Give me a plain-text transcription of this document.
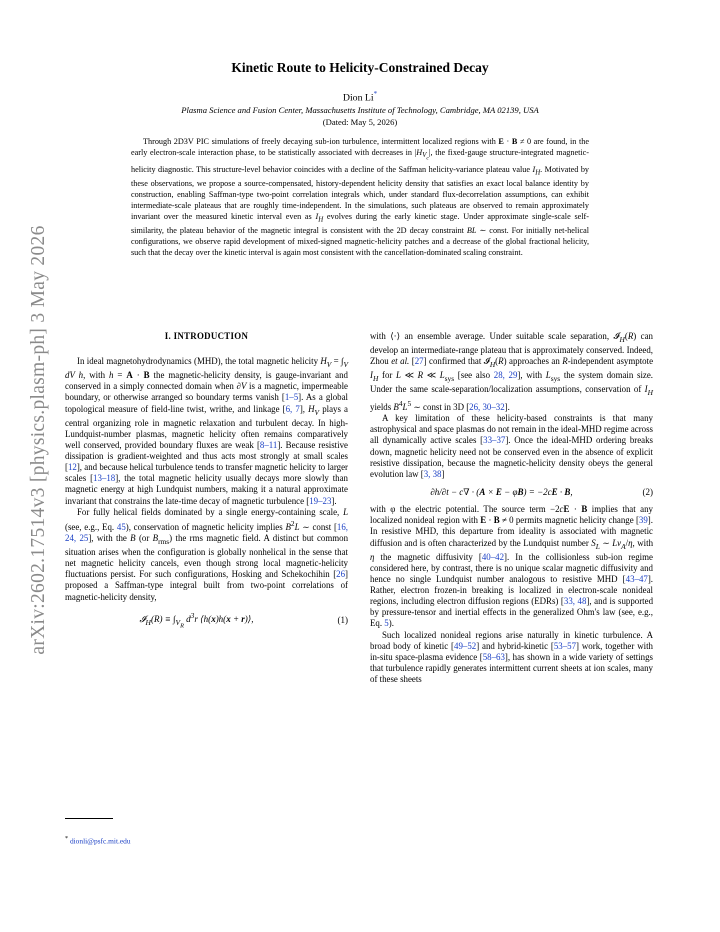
arXiv:2602.17514v3 [physics.plasm-ph] 3 May 2026
Kinetic Route to Helicity-Constrained Decay
Dion Li*
Plasma Science and Fusion Center, Massachusetts Institute of Technology, Cambridge, MA 02139, USA
(Dated: May 5, 2026)

Through 2D3V PIC simulations of freely decaying sub-ion turbulence, intermittent localized regions with E · B ≠ 0 are found, in the early electron-scale interaction phase, to be statistically associated with decreases in $|H_{V_c}|$, the fixed-gauge structure-integrated magnetic-helicity diagnostic. This structure-level behavior coincides with a decline of the Saffman helicity-variance plateau value $I_H$. Motivated by these observations, we propose a source-compensated, history-dependent helicity density that satisfies an exact local balance identity by construction, enabling Saffman-type two-point correlation integrals which, under standard flux-decorrelation assumptions, can exhibit intermediate-scale plateaus that are roughly time-independent. In the simulations, such plateaus are observed to remain approximately invariant over the measured kinetic interval even as $I_H$ evolves during the early kinetic stage. Under approximate single-scale self-similarity, the plateau behavior of the magnetic integral is consistent with the 2D decay constraint BL ∼ const. For initially net-helical configurations, we observe rapid development of mixed-signed magnetic-helicity patches and a decrease of the global fractional helicity, such that the decay over the kinetic interval is again most consistent with the cancellation-dominated scaling constraint.

I. INTRODUCTION

In ideal magnetohydrodynamics (MHD), the total magnetic helicity $H_V = \int_V$ dV h, with h = A · B the magnetic-helicity density, is gauge-invariant and conserved in a simply connected domain when ∂V is a magnetic, impermeable boundary, or otherwise arranged so boundary terms vanish [1–5]. As a global topological measure of field-line twist, writhe, and linkage [6, 7], $H_V$ plays a central organizing role in magnetic relaxation and turbulent decay. In high-Lundquist-number plasmas, magnetic helicity often remains comparatively well conserved, provided boundary fluxes are weak [8–11]. Because resistive dissipation is gradient-weighted and thus acts most strongly at small scales [12], and because helical turbulence tends to transfer magnetic helicity to larger scales [13–18], the total magnetic helicity usually decays more slowly than magnetic energy at high Lundquist numbers, making it a natural approximate invariant that constrains the late-time decay of magnetic turbulence [19–23].

For fully helical fields dominated by a single energy-containing scale, L (see, e.g., Eq. 45), conservation of magnetic helicity implies $B^2L$ ∼ const [16, 24, 25], with the B (or $B_{rms}$) the rms magnetic field. A distinct but common situation arises when the configuration is globally nonhelical in the sense that net magnetic helicity cancels, even though strong local magnetic-helicity fluctuations persist. For such configurations, Hosking and Schekochihin [26] proposed a Saffman-type integral built from two-point correlations of magnetic-helicity density,

𝓘$_H$(R) ≡ $\int_{V_R}$ $d^3r$ ⟨h(x)h(x + r)⟩,	(1)

with ⟨·⟩ an ensemble average. Under suitable scale separation, 𝓘$_H$(R) can develop an intermediate-range plateau that is approximately conserved. Indeed, Zhou et al. [27] confirmed that 𝓘$_H$(R) approaches an R-independent asymptote $I_H$ for L ≪ R ≪ $L_{sys}$ [see also 28, 29], with $L_{sys}$ the system domain size. Under the same scale-separation/localization assumptions, conservation of $I_H$ yields $B^4L^5$ ∼ const in 3D [26, 30–32].

A key limitation of these helicity-based constraints is that many astrophysical and space plasmas do not remain in the ideal-MHD regime across all dynamically active scales [33–37]. Once the ideal-MHD ordering breaks down, magnetic helicity need not be conserved even in the absence of explicit resistive dissipation, because the magnetic-helicity density obeys the general evolution law [3, 38]

∂h/∂t − c∇ · (A × E − φB) = −2cE · B,	(2)

with φ the electric potential. The source term −2cE · B implies that any localized nonideal region with E · B ≠ 0 permits magnetic helicity change [39]. In resistive MHD, this departure from ideality is associated with magnetic diffusion and is often characterized by the Lundquist number $S_L$ ∼ $Lv_A/\eta$, with η the magnetic diffusivity [40–42]. In the collisionless sub-ion regime considered here, by contrast, there is no unique scalar magnetic diffusivity and hence no single Lundquist number analogous to resistive MHD [43–47]. Rather, electron frozen-in breaking is localized in electron-scale nonideal regions, including electron diffusion regions (EDRs) [33, 48], and is supported by pressure-tensor and inertial effects in the generalized Ohm's law (see, e.g., Eq. 5).

Such localized nonideal regions arise naturally in kinetic turbulence. A broad body of kinetic [49–52] and hybrid-kinetic [53–57] work, together with in-situ space-plasma evidence [58–63], has shown in a wide variety of settings that turbulence rapidly generates intermittent current sheets at ion scales, many of these sheets

* dionli@psfc.mit.edu
